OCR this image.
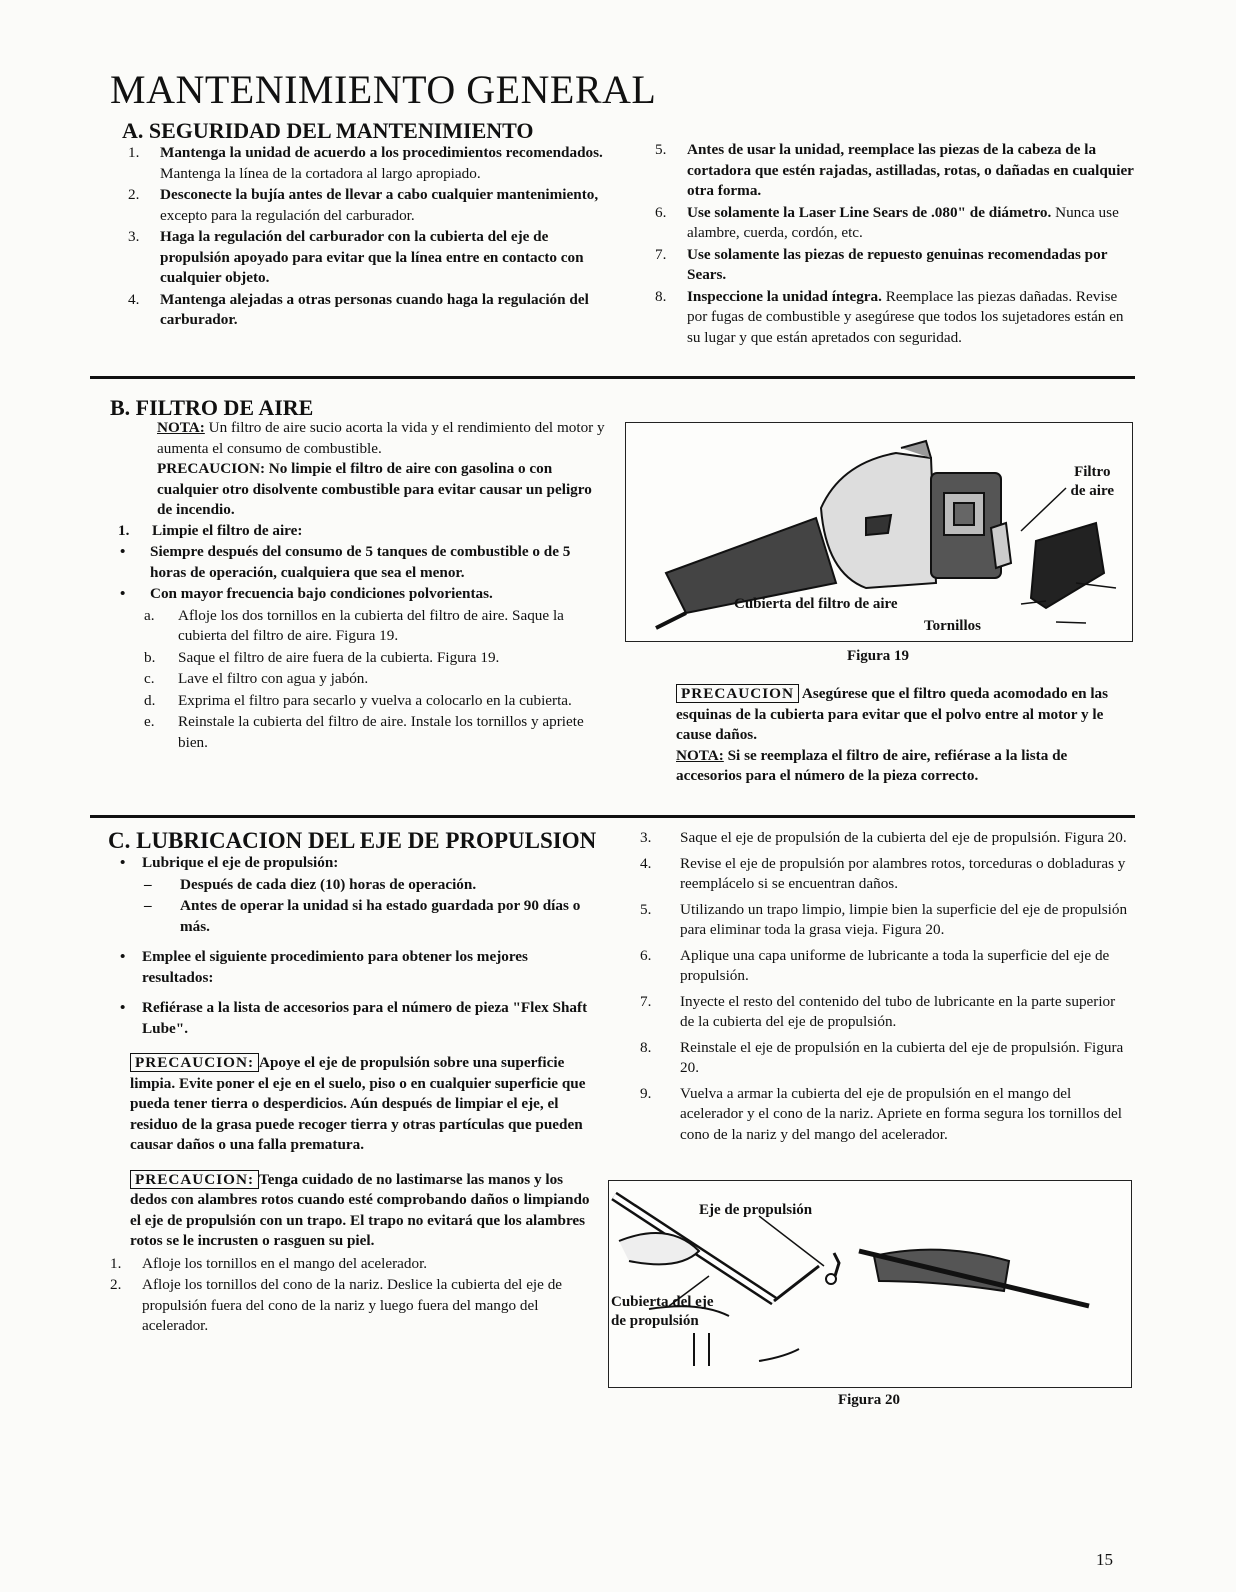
MANTENIMIENTO GENERAL
A. SEGURIDAD DEL MANTENIMIENTO
1. Mantenga la unidad de acuerdo a los procedimientos recomendados. Mantenga la línea de la cortadora al largo apropiado.
2. Desconecte la bujía antes de llevar a cabo cualquier mantenimiento, excepto para la regulación del carburador.
3. Haga la regulación del carburador con la cubierta del eje de propulsión apoyado para evitar que la línea entre en contacto con cualquier objeto.
4. Mantenga alejadas a otras personas cuando haga la regulación del carburador.
5. Antes de usar la unidad, reemplace las piezas de la cabeza de la cortadora que estén rajadas, astilladas, rotas, o dañadas en cualquier otra forma.
6. Use solamente la Laser Line Sears de .080" de diámetro. Nunca use alambre, cuerda, cordón, etc.
7. Use solamente las piezas de repuesto genuinas recomendadas por Sears.
8. Inspeccione la unidad íntegra. Reemplace las piezas dañadas. Revise por fugas de combustible y asegúrese que todos los sujetadores están en su lugar y que están apretados con seguridad.
B. FILTRO DE AIRE

NOTA: Un filtro de aire sucio acorta la vida y el rendimiento del motor y aumenta el consumo de combustible.

PRECAUCION: No limpie el filtro de aire con gasolina o con cualquier otro disolvente combustible para evitar causar un peligro de incendio.

1. Limpie el filtro de aire:
• Siempre después del consumo de 5 tanques de combustible o de 5 horas de operación, cualquiera que sea el menor.
• Con mayor frecuencia bajo condiciones polvorientas.
a. Afloje los dos tornillos en la cubierta del filtro de aire. Saque la cubierta del filtro de aire. Figura 19.
b. Saque el filtro de aire fuera de la cubierta. Figura 19.
c. Lave el filtro con agua y jabón.
d. Exprima el filtro para secarlo y vuelva a colocarlo en la cubierta.
e. Reinstale la cubierta del filtro de aire. Instale los tornillos y apriete bien.
Filtro
de aire
Cubierta del filtro de aire
Tornillos
Figura 19

PRECAUCION Asegúrese que el filtro queda acomodado en las esquinas de la cubierta para evitar que el polvo entre al motor y le cause daños.

NOTA: Si se reemplaza el filtro de aire, refiérase a la lista de accesorios para el número de la pieza correcto.

C. LUBRICACION DEL EJE DE PROPULSION
• Lubrique el eje de propulsión:
– Después de cada diez (10) horas de operación.
– Antes de operar la unidad si ha estado guardada por 90 días o más.
• Emplee el siguiente procedimiento para obtener los mejores resultados:
• Refiérase a la lista de accesorios para el número de pieza "Flex Shaft Lube".

PRECAUCION: Apoye el eje de propulsión sobre una superficie limpia. Evite poner el eje en el suelo, piso o en cualquier superficie que pueda tener tierra o desperdicios. Aún después de limpiar el eje, el residuo de la grasa puede recoger tierra y otras partículas que pueden causar daños o una falla prematura.

PRECAUCION: Tenga cuidado de no lastimarse las manos y los dedos con alambres rotos cuando esté comprobando daños o limpiando el eje de propulsión con un trapo. El trapo no evitará que los alambres rotos se le incrusten o rasguen su piel.

1. Afloje los tornillos en el mango del acelerador.
2. Afloje los tornillos del cono de la nariz. Deslice la cubierta del eje de propulsión fuera del cono de la nariz y luego fuera del mango del acelerador.
3. Saque el eje de propulsión de la cubierta del eje de propulsión. Figura 20.
4. Revise el eje de propulsión por alambres rotos, torceduras o dobladuras y reemplácelo si se encuentran daños.
5. Utilizando un trapo limpio, limpie bien la superficie del eje de propulsión para eliminar toda la grasa vieja. Figura 20.
6. Aplique una capa uniforme de lubricante a toda la superficie del eje de propulsión.
7. Inyecte el resto del contenido del tubo de lubricante en la parte superior de la cubierta del eje de propulsión.
8. Reinstale el eje de propulsión en la cubierta del eje de propulsión. Figura 20.
9. Vuelva a armar la cubierta del eje de propulsión en el mango del acelerador y el cono de la nariz. Apriete en forma segura los tornillos del cono de la nariz y del mango del acelerador.
Eje de propulsión
Cubierta del eje
de propulsión
Figura 20
15
